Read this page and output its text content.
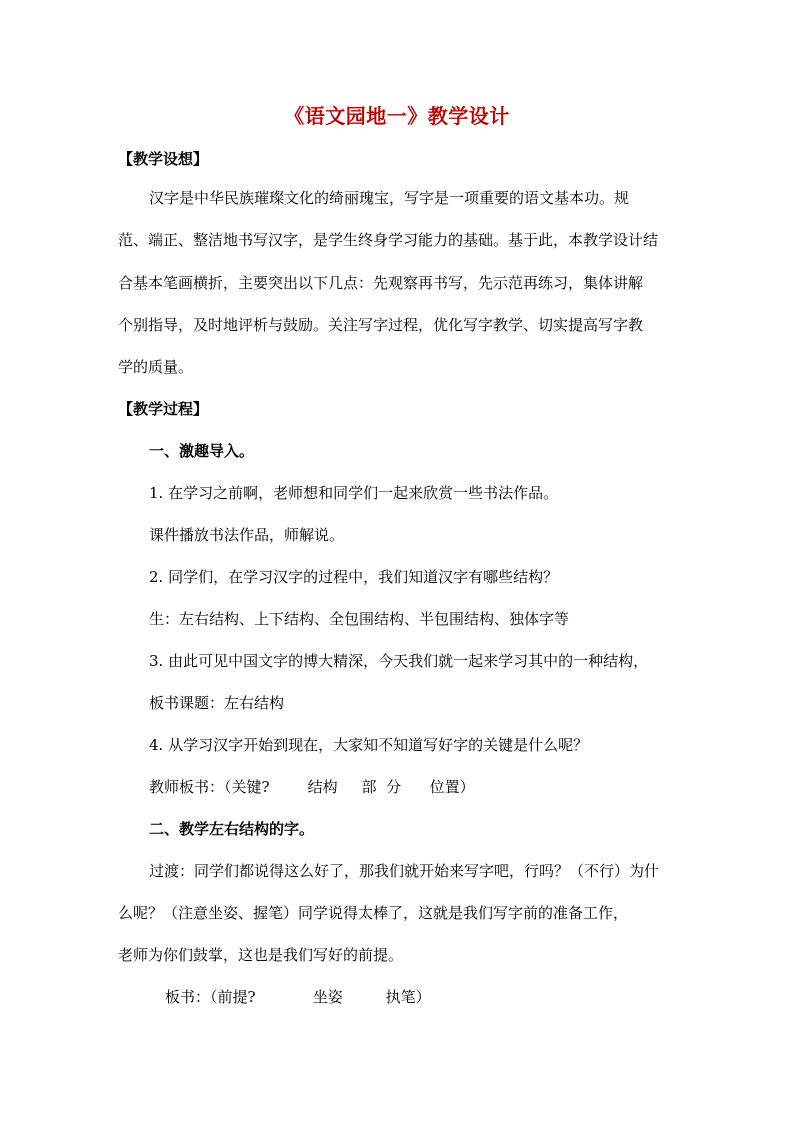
《语文园地一》教学设计
【教学设想】
汉字是中华民族璀璨文化的绮丽瑰宝，写字是一项重要的语文基本功。规
范、端正、整洁地书写汉字，是学生终身学习能力的基础。基于此，本教学设计结
合基本笔画横折，主要突出以下几点：先观察再书写，先示范再练习，集体讲解
个别指导，及时地评析与鼓励。关注写字过程，优化写字教学、切实提高写字教
学的质量。
【教学过程】
一、激趣导入。
1. 在学习之前啊，老师想和同学们一起来欣赏一些书法作品。
课件播放书法作品，师解说。
2. 同学们，在学习汉字的过程中，我们知道汉字有哪些结构？
生：左右结构、上下结构、全包围结构、半包围结构、独体字等
3. 由此可见中国文字的博大精深，今天我们就一起来学习其中的一种结构，
板书课题：左右结构
4. 从学习汉字开始到现在，大家知不知道写好字的关键是什么呢？
教师板书：（关键?        结构     部  分      位置）
二、教学左右结构的字。
过渡：同学们都说得这么好了，那我们就开始来写字吧，行吗？（不行）为什
么呢？（注意坐姿、握笔）同学说得太棒了，这就是我们写字前的准备工作，
老师为你们鼓掌，这也是我们写好的前提。
板书：（前提?            坐姿         执笔）
